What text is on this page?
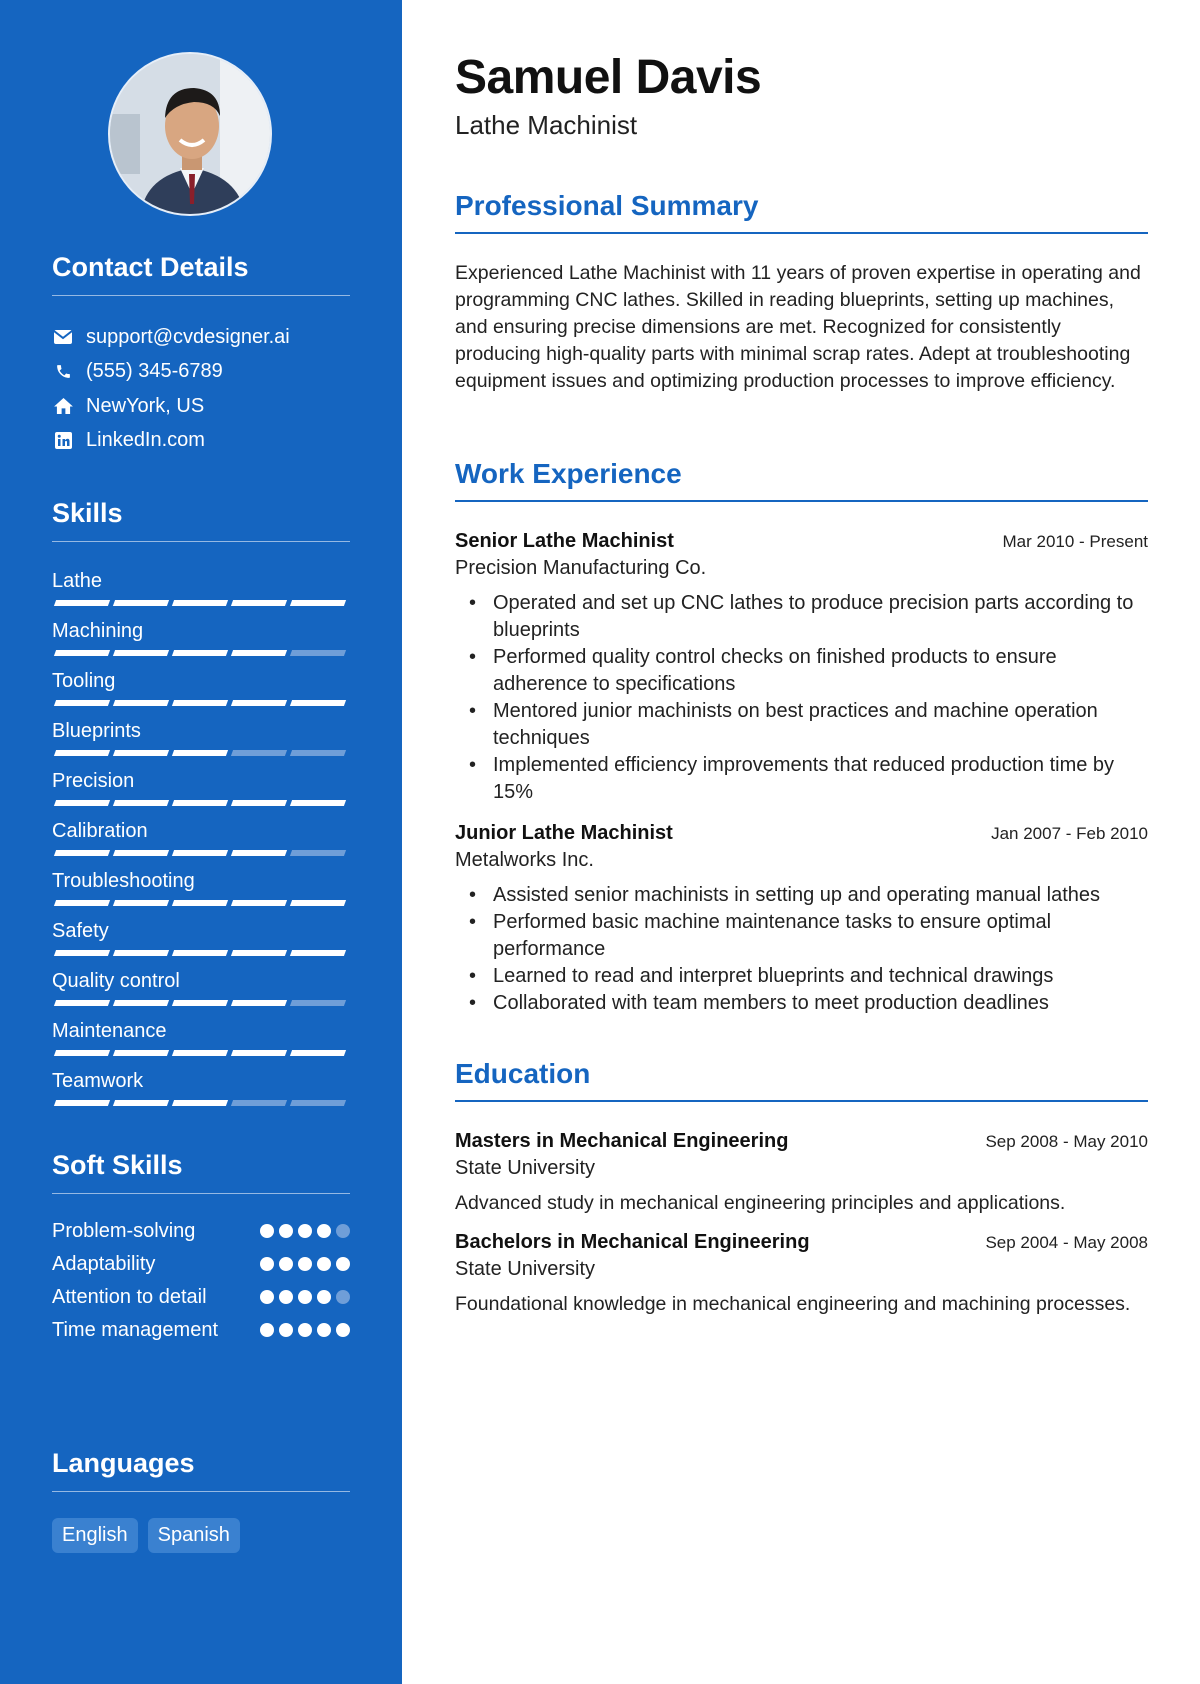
Contact Details
support@cvdesigner.ai
(555) 345-6789
NewYork, US
LinkedIn.com
Skills
Lathe
Machining
Tooling
Blueprints
Precision
Calibration
Troubleshooting
Safety
Quality control
Maintenance
Teamwork
Soft Skills
Problem-solving
Adaptability
Attention to detail
Time management
Languages
English	Spanish
Samuel Davis
Lathe Machinist
Professional Summary

Experienced Lathe Machinist with 11 years of proven expertise in operating and programming CNC lathes. Skilled in reading blueprints, setting up machines, and ensuring precise dimensions are met. Recognized for consistently producing high-quality parts with minimal scrap rates. Adept at troubleshooting equipment issues and optimizing production processes to improve efficiency.

Work Experience
Senior Lathe Machinist	Mar 2010 - Present
Precision Manufacturing Co.
• Operated and set up CNC lathes to produce precision parts according to blueprints
• Performed quality control checks on finished products to ensure adherence to specifications
• Mentored junior machinists on best practices and machine operation techniques
• Implemented efficiency improvements that reduced production time by 15%
Junior Lathe Machinist	Jan 2007 - Feb 2010
Metalworks Inc.
• Assisted senior machinists in setting up and operating manual lathes
• Performed basic machine maintenance tasks to ensure optimal performance
• Learned to read and interpret blueprints and technical drawings
• Collaborated with team members to meet production deadlines
Education
Masters in Mechanical Engineering	Sep 2008 - May 2010
State University

Advanced study in mechanical engineering principles and applications.

Bachelors in Mechanical Engineering	Sep 2004 - May 2008
State University

Foundational knowledge in mechanical engineering and machining processes.
